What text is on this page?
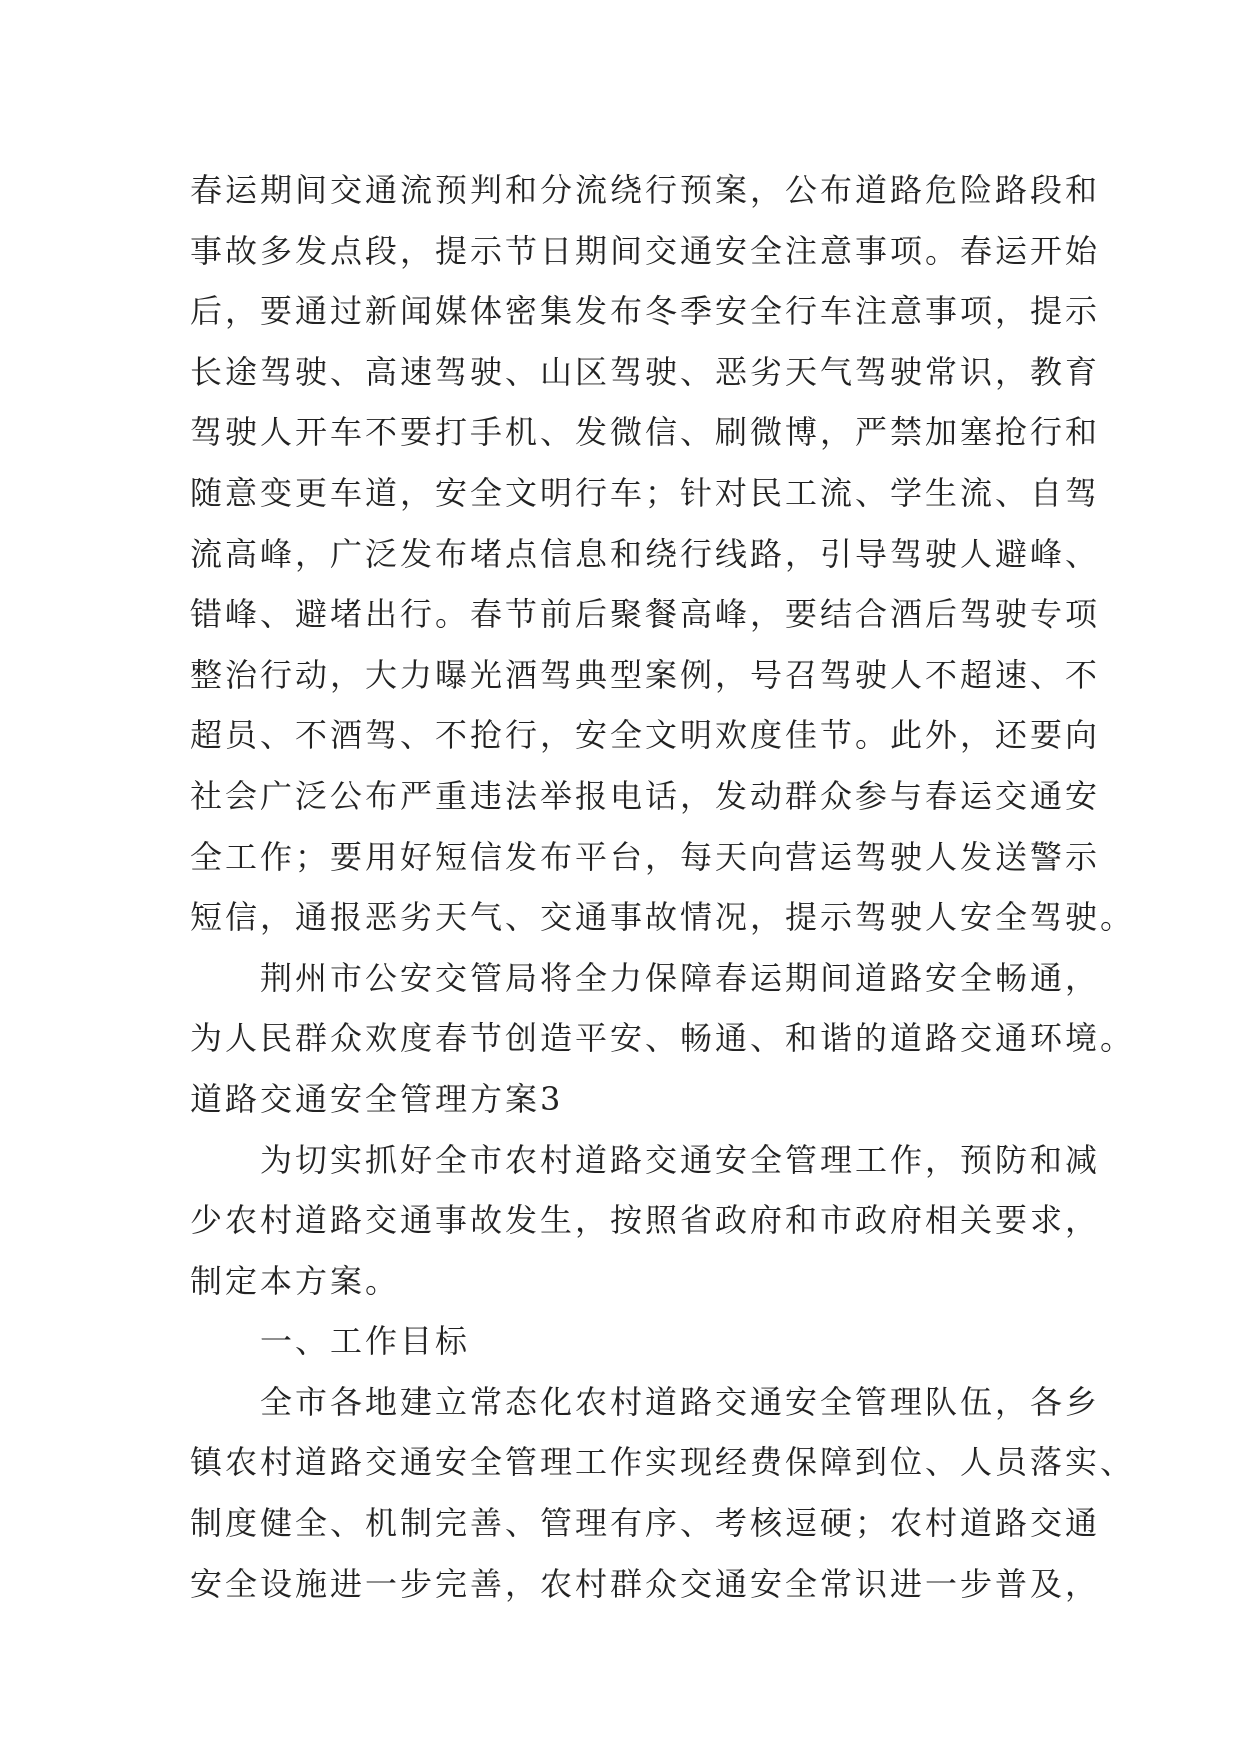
春运期间交通流预判和分流绕行预案，公布道路危险路段和
事故多发点段，提示节日期间交通安全注意事项。春运开始
后，要通过新闻媒体密集发布冬季安全行车注意事项，提示
长途驾驶、高速驾驶、山区驾驶、恶劣天气驾驶常识，教育
驾驶人开车不要打手机、发微信、刷微博，严禁加塞抢行和
随意变更车道，安全文明行车；针对民工流、学生流、自驾
流高峰，广泛发布堵点信息和绕行线路，引导驾驶人避峰、
错峰、避堵出行。春节前后聚餐高峰，要结合酒后驾驶专项
整治行动，大力曝光酒驾典型案例，号召驾驶人不超速、不
超员、不酒驾、不抢行，安全文明欢度佳节。此外，还要向
社会广泛公布严重违法举报电话，发动群众参与春运交通安
全工作；要用好短信发布平台，每天向营运驾驶人发送警示
短信，通报恶劣天气、交通事故情况，提示驾驶人安全驾驶。
　　荆州市公安交管局将全力保障春运期间道路安全畅通，
为人民群众欢度春节创造平安、畅通、和谐的道路交通环境。
道路交通安全管理方案3
　　为切实抓好全市农村道路交通安全管理工作，预防和减
少农村道路交通事故发生，按照省政府和市政府相关要求，
制定本方案。
　　一、工作目标
　　全市各地建立常态化农村道路交通安全管理队伍，各乡
镇农村道路交通安全管理工作实现经费保障到位、人员落实、
制度健全、机制完善、管理有序、考核逗硬；农村道路交通
安全设施进一步完善，农村群众交通安全常识进一步普及，
